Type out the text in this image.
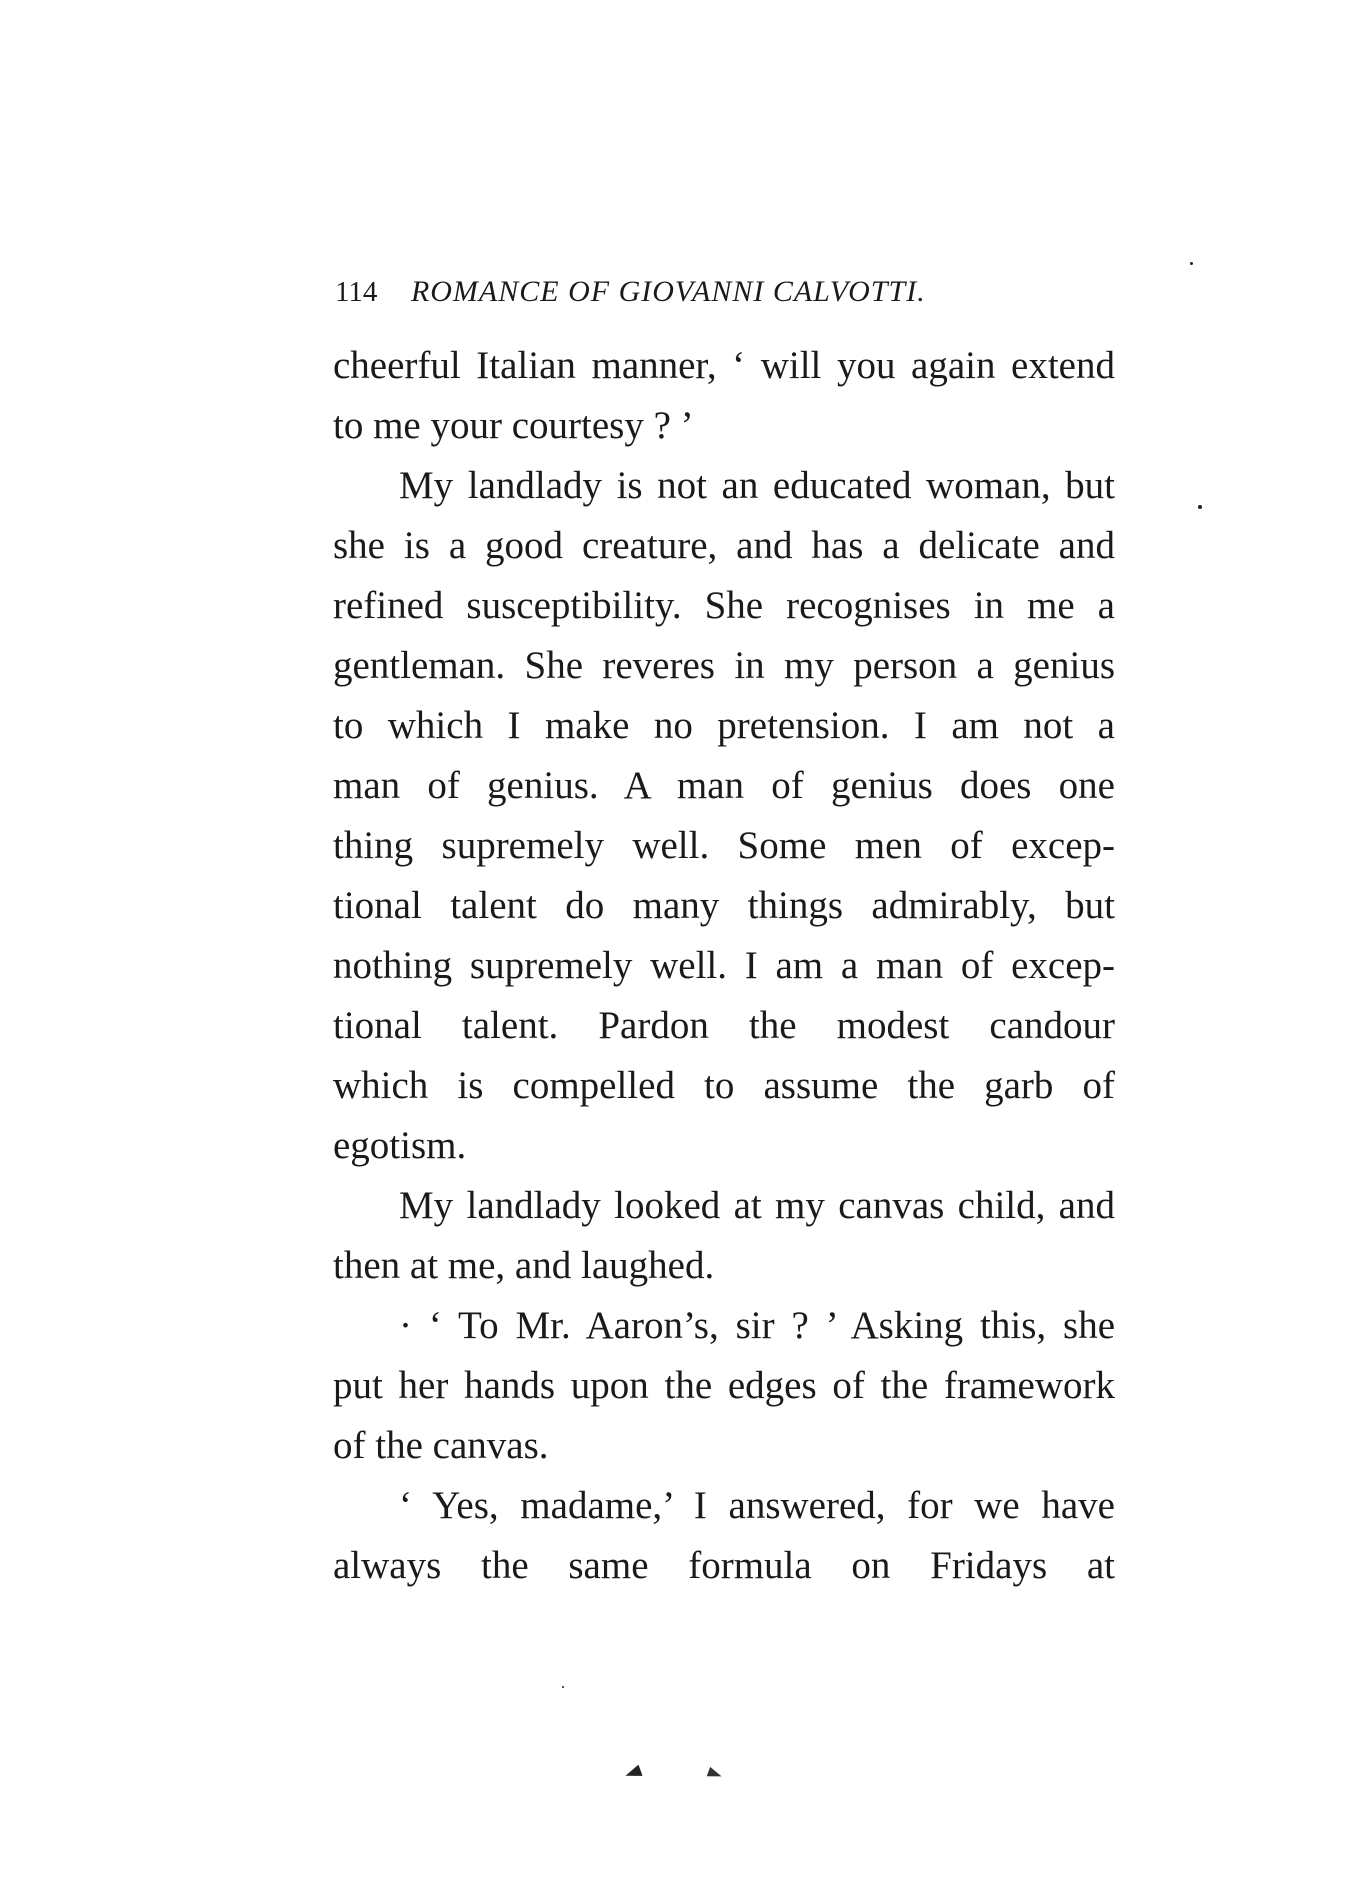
114 ROMANCE OF GIOVANNI CALVOTTI.
cheerful Italian manner, ‘ will you again extend
to me your courtesy ? ’
My landlady is not an educated woman, but
she is a good creature, and has a delicate and
refined susceptibility. She recognises in me a
gentleman. She reveres in my person a genius
to which I make no pretension. I am not a
man of genius. A man of genius does one
thing supremely well. Some men of excep-
tional talent do many things admirably, but
nothing supremely well. I am a man of excep-
tional talent. Pardon the modest candour
which is compelled to assume the garb of
egotism.
My landlady looked at my canvas child, and
then at me, and laughed.
· ‘ To Mr. Aaron’s, sir ? ’ Asking this, she
put her hands upon the edges of the framework
of the canvas.
‘ Yes, madame,’ I answered, for we have
always the same formula on Fridays at
